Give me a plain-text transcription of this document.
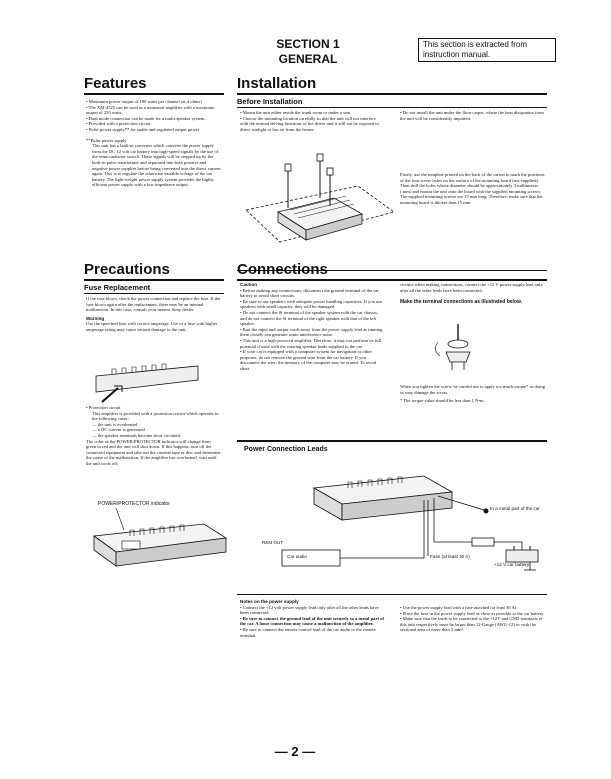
SECTION 1
GENERAL
This section is extracted from instruction manual.
Features

• Maximum power output of 100 watts per channel (at 4 ohms)

• The XM-4525 can be used as a monaural amplifier with a maximum output of 250 watts.

• Dual mode connection can be made for a multi-speaker system.

• Provided with a protection circuit.

• Pulse power supply** for stable and regulated output power

**Pulse power supply

This unit has a built-in converter which converts the power supply from the DC 12 volt car battery into high-speed signals by the use of the semiconductor switch. These signals will be stepped up by the built-in pulse transformer and separated into both positive and negative power supplies before being converted into the direct current again. This is to regulate the otherwise variable voltage of the car battery. The light-weight power supply system provides the highly efficient power supply with a low impedance output.

Installation
Before Installation

• Mount the unit either inside the trunk room or under a seat.

• Choose the mounting location carefully so that the unit will not interfere with the normal driving functions of the driver and it will not be exposed to direct sunlight or hot air from the heater.

• Do not install the unit under the floor carpet, where the heat dissipation from the unit will be considerably impaired.

Firstly, use the template printed on the back of the carton to mark the positions of the four screw holes on the surface of the mounting board (not supplied). Then drill the holes whose diameter should be approximately 3 millimeters (.mm) and mount the unit onto the board with the supplied mounting screws. The supplied mounting screws are 15 mm long. Therefore, make sure that the mounting board is thicker than 15 mm.
Precautions
Fuse Replacement

If the fuse blows, check the power connection and replace the fuse. If the fuse blows again after the replacement, there may be an internal malfunction. In this case, consult your nearest Sony dealer.

Warning

Use the specified fuse with correct amperage. Use of a fuse with higher amperage rating may cause serious damage to the unit.

• Protection circuit

This amplifier is provided with a protection circuit which operates in the following cases:

— the unit is overheated

— a DC current is generated

— the speaker terminals become short circuited.

The color of the POWER/PROTECTOR indicator will change from green to red and the unit will shut down. If this happens, turn off the connected equipment and take out the cassette tape or disc and determine the cause of the malfunction. If the amplifier has overheated, wait until the unit cools off.

POWER/PROTECTOR indicator
Connections

Caution

• Before making any connections, disconnect the ground terminal of the car battery to avoid short circuits.

• Be sure to use speakers with adequate power handling capacities. If you use speakers with small capacity, they will be damaged.

• Do not connect the ⊖ terminal of the speaker system with the car chassis, and do not connect the ⊖ terminal of the right speaker with that of the left speaker.

• Run the input and output cords away from the power supply lead as running them closely can generate some interference noise.

• This unit is a high-powered amplifier. Therefore, it may not perform its full potential if used with the existing speaker leads supplied to the car.

• If your car is equipped with a computer system for navigation or other purposes, do not remove the ground wire from the car battery. If you disconnect the wire, the memory of the computer may be erased. To avoid short

circuits when making connections, connect the +12 V power supply lead only after all the other leads have been connected.

Make the terminal connections as illustrated below.

When you tighten the screw, be careful not to apply too much torque* as doing so may damage the screw.

* The torque value should be less than 1 N•m.

Power Connection Leads
to a metal part of the car
REM OUT
Car audio	Fuse (at least 30 A)
+12 V car battery

Notes on the power supply

• Connect the +12 volt power supply lead only after all the other leads have been connected.

• Be sure to connect the ground lead of the unit securely to a metal part of the car. A loose connection may cause a malfunction of the amplifier.

• Be sure to connect the remote control lead of the car audio to the remote terminal.

• Use the power supply lead with a fuse attached (at least 30 A).

• Place the fuse in the power supply lead as close as possible to the car battery.

• Make sure that the leads to be connected to the +12V and GND terminals of this unit respectively must be larger than 12-Gauge (AWG-12) or with the sectional area of more than 3 mm².

— 2 —
